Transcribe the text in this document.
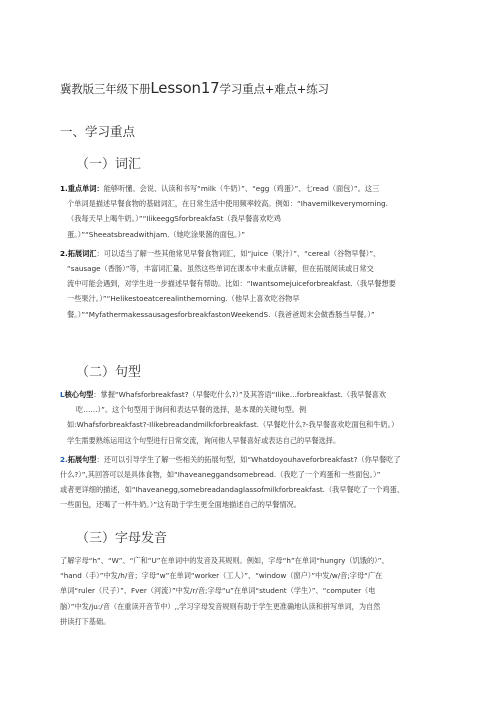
冀教版三年级下册Lesson17学习重点+难点+练习
一、学习重点
（一）词汇
1.重点单词：能够听懂、会说、认读和书写“milk（牛奶）”、“egg（鸡蛋）”、七read（面包）”。这三
个单词是描述早餐食物的基础词汇，在日常生活中使用频率较高。例如：“Ihavemilkeverymorning.
（我每天早上喝牛奶。）”“IlikeeggSforbreakfaSt（我早餐喜欢吃鸡
蛋。）”“Sheeatsbreadwithjam.（她吃涂果酱的面包。）”
2.拓展词汇：可以适当了解一些其他常见早餐食物词汇，如“juice（果汁）”、“cereal（谷物早餐）”、
“sausage（香肠）”等，丰富词汇量。虽然这些单词在课本中未重点讲解，但在拓展阅读或日常交
流中可能会遇到，对学生进一步描述早餐有帮助。比如：“Iwantsomejuiceforbreakfast.（我早餐想要
一些果汁。）”“Helikestoeatcerealinthemorning.（他早上喜欢吃谷物早
餐。）”“MyfathermakessausagesforbreakfastonWeekendS.（我爸爸周末会做香肠当早餐。）”
（二）句型
L核心句型：掌握“Whafsforbreakfast?（早餐吃什么?）”及其答语“Ilike…forbreakfast.（我早餐喜欢
吃……）”。这个句型用于询问和表达早餐的选择，是本课的关键句型。例
如:Whafsforbreakfast?-Ilikebreadandmilkforbreakfast.（早餐吃什么?-我早餐喜欢吃面包和牛奶。）
学生需要熟练运用这个句型进行日常交流，询问他人早餐喜好或表达自己的早餐选择。
2.拓展句型：还可以引导学生了解一些相关的拓展句型，如“Whatdoyouhaveforbreakfast?（你早餐吃了
什么?）”,其回答可以是具体食物，如“Ihaveaneggandsomebread.（我吃了一个鸡蛋和一些面包。）”
或者更详细的描述，如“Ihaveanegg,somebreadandaglassofmilkforbreakfast.（我早餐吃了一个鸡蛋、
一些面包，还喝了一杯牛奶。）”这有助于学生更全面地描述自己的早餐情况。
（三）字母发音
了解字母“h”、“W”、“广和“U”在单词中的发音及其规则。例如，字母“h”在单词“hungry（饥饿的）”、
“hand（手）”中发/h/音；字母“w”在单词“worker（工人）”、“window（窗户）”中发/w/音;字母“广在
单词“ruler（尺子）”、Fver（河流）”中发/r/音;字母“u”在单词“student（学生）”、“computer（电
脑）”中发/ju:/音（在重读开音节中）,,学习字母发音规则有助于学生更准确地认读和拼写单词，为自然
拼读打下基础。
